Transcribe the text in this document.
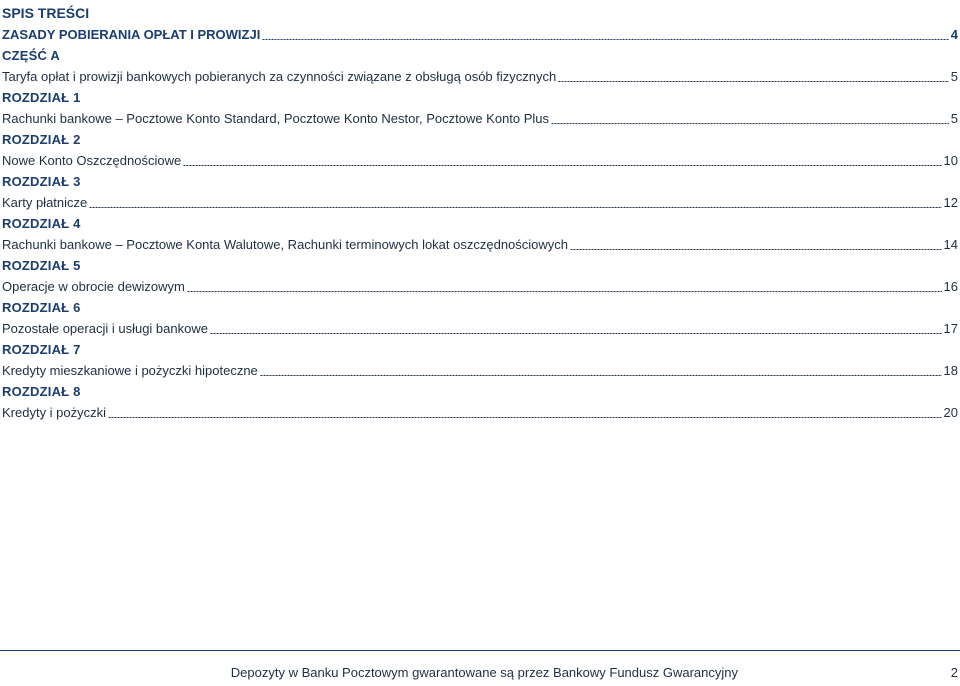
SPIS TREŚCI
ZASADY POBIERANIA OPŁAT I PROWIZJI	4
CZĘŚĆ A
Taryfa opłat i prowizji bankowych pobieranych za czynności związane z obsługą osób fizycznych	5
ROZDZIAŁ 1
Rachunki bankowe – Pocztowe Konto Standard, Pocztowe Konto Nestor, Pocztowe Konto Plus	5
ROZDZIAŁ 2
Nowe Konto Oszczędnościowe	10
ROZDZIAŁ 3
Karty płatnicze	12
ROZDZIAŁ 4
Rachunki bankowe – Pocztowe Konta Walutowe, Rachunki terminowych lokat oszczędnościowych	14
ROZDZIAŁ 5
Operacje w obrocie dewizowym	16
ROZDZIAŁ 6
Pozostałe operacji i usługi bankowe	17
ROZDZIAŁ 7
Kredyty mieszkaniowe i pożyczki hipoteczne	18
ROZDZIAŁ 8
Kredyty i pożyczki	20
Depozyty w Banku Pocztowym gwarantowane są przez Bankowy Fundusz Gwarancyjny	2
